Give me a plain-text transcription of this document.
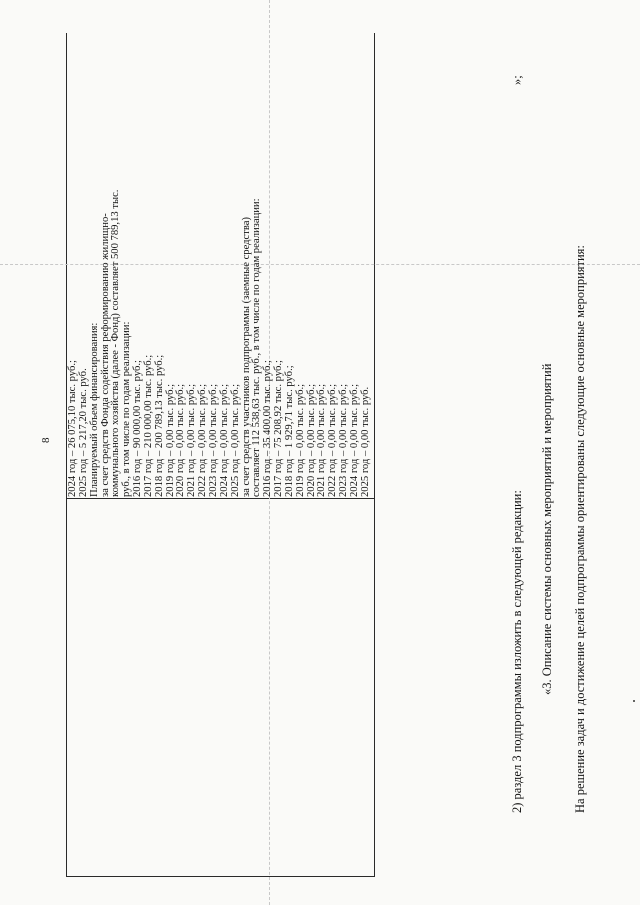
8 2024 год – 26 075,10 тыс. руб.; 2025 год – 5 217,20 тыс. руб. Планируемый объем финансирования: за счет средств Фонда содействия реформированию жилищно- коммунального хозяйства (далее - Фонд) составляет 500 789,13 тыс. руб., в том числе по годам реализации: 2016 год – 90 000,00 тыс. руб.; 2017 год – 210 000,00 тыс. руб.; 2018 год – 200 789,13 тыс. руб.; 2019 год – 0,00 тыс. руб.; 2020 год – 0,00 тыс. руб.; 2021 год – 0,00 тыс. руб.; 2022 год – 0,00 тыс. руб.; 2023 год – 0,00 тыс. руб.; 2024 год – 0,00 тыс. руб.; 2025 год – 0,00 тыс. руб.; за счет средств участников подпрограммы (заемные средства) составляет 112 538,63 тыс. руб., в том числе по годам реализации: 2016 год – 35 400,00 тыс. руб.; 2017 год – 75 208,92 тыс. руб.; 2018 год – 1 929,71 тыс. руб.; 2019 год – 0,00 тыс. руб.; 2020 год – 0,00 тыс. руб.; 2021 год – 0,00 тыс. руб.; 2022 год – 0,00 тыс. руб.; 2023 год – 0,00 тыс. руб.; 2024 год – 0,00 тыс. руб.; 2025 год – 0,00 тыс. руб.
»;
2) раздел 3 подпрограммы изложить в следующей редакции: «3. Описание системы основных мероприятий и мероприятий На решение задач и достижение целей подпрограммы ориентированы следующие основные мероприятия:
